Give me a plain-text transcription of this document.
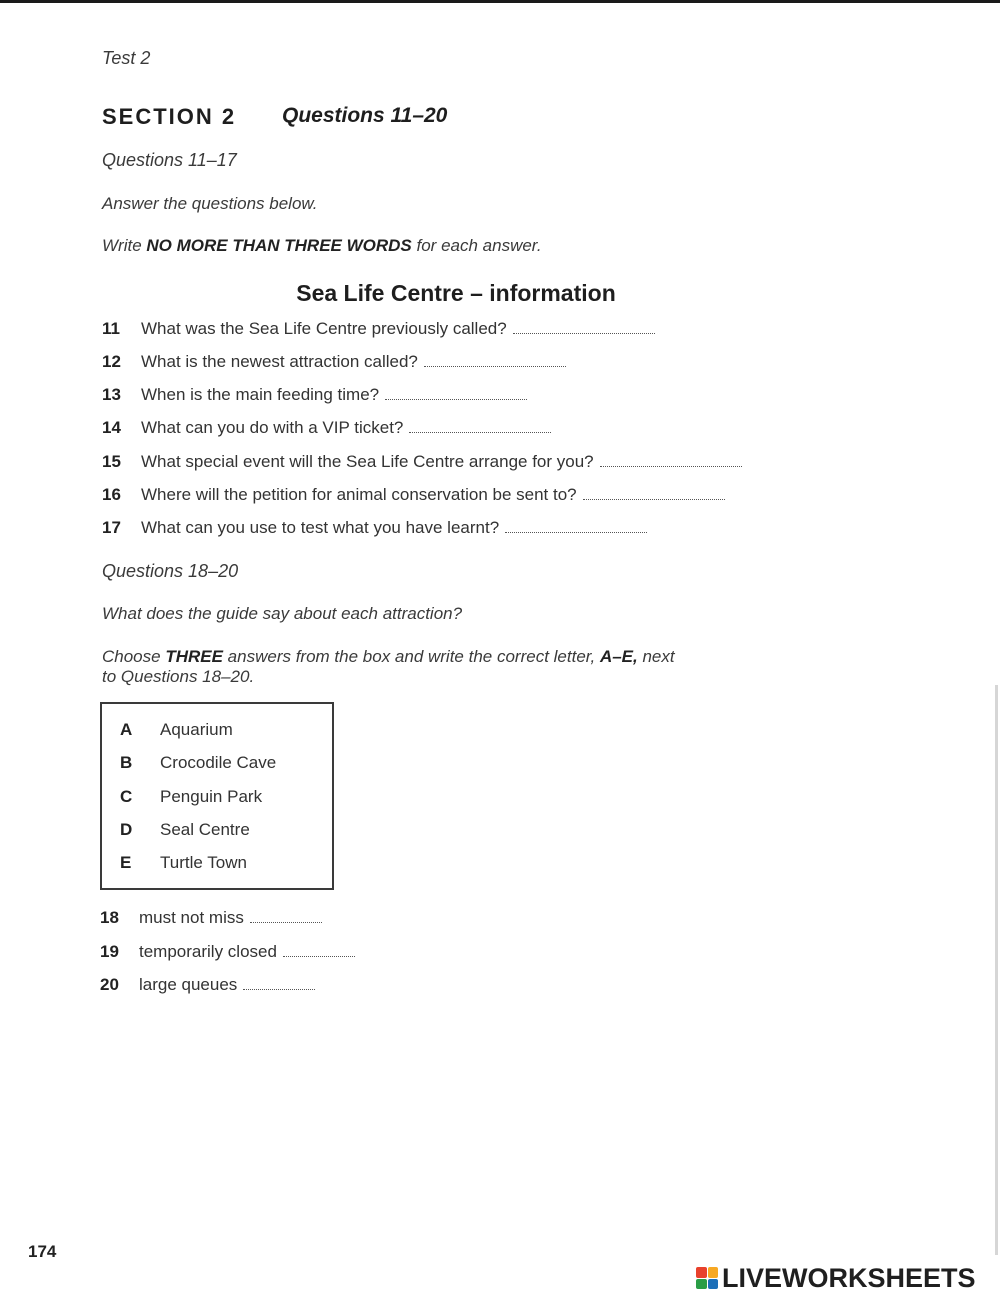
Test 2
SECTION 2 Questions 11–20
Questions 11–17
Answer the questions below.
Write NO MORE THAN THREE WORDS for each answer.
Sea Life Centre – information
11 What was the Sea Life Centre previously called?
12 What is the newest attraction called?
13 When is the main feeding time?
14 What can you do with a VIP ticket?
15 What special event will the Sea Life Centre arrange for you?
16 Where will the petition for animal conservation be sent to?
17 What can you use to test what you have learnt?
Questions 18–20
What does the guide say about each attraction?
Choose THREE answers from the box and write the correct letter, A–E, next
to Questions 18–20.
A Aquarium
B Crocodile Cave
C Penguin Park
D Seal Centre
E Turtle Town
18 must not miss
19 temporarily closed
20 large queues
174
LIVEWORKSHEETS
